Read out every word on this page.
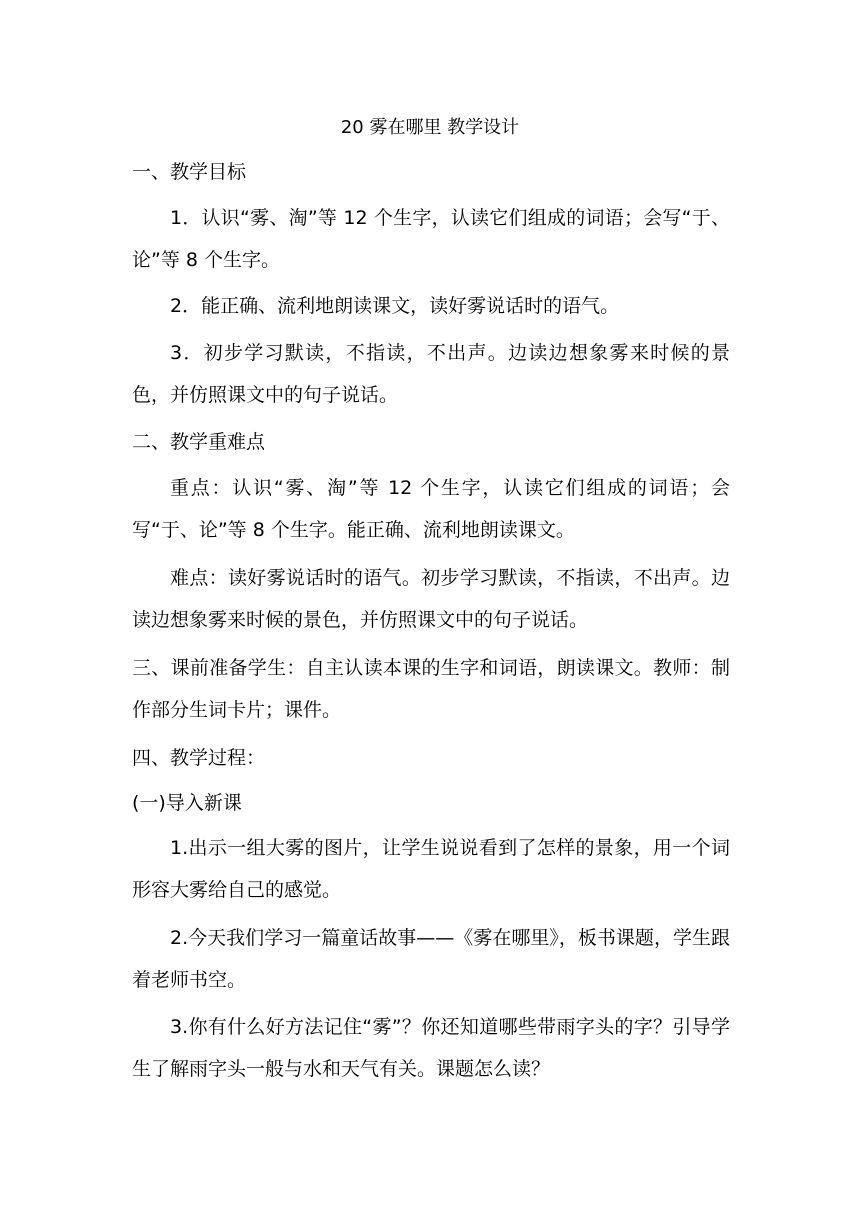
20 雾在哪里 教学设计
一、教学目标
1．认识“雾、淘”等 12 个生字，认读它们组成的词语；会写“于、论”等 8 个生字。
2．能正确、流利地朗读课文，读好雾说话时的语气。
3．初步学习默读，不指读，不出声。边读边想象雾来时候的景色，并仿照课文中的句子说话。
二、教学重难点
重点：认识“雾、淘”等 12 个生字，认读它们组成的词语；会写“于、论”等 8 个生字。能正确、流利地朗读课文。
难点：读好雾说话时的语气。初步学习默读，不指读，不出声。边读边想象雾来时候的景色，并仿照课文中的句子说话。
三、课前准备学生：自主认读本课的生字和词语，朗读课文。教师：制作部分生词卡片；课件。
四、教学过程：
(一)导入新课
1.出示一组大雾的图片，让学生说说看到了怎样的景象，用一个词形容大雾给自己的感觉。
2.今天我们学习一篇童话故事——《雾在哪里》，板书课题，学生跟着老师书空。
3.你有什么好方法记住“雾”？你还知道哪些带雨字头的字？引导学生了解雨字头一般与水和天气有关。课题怎么读？
